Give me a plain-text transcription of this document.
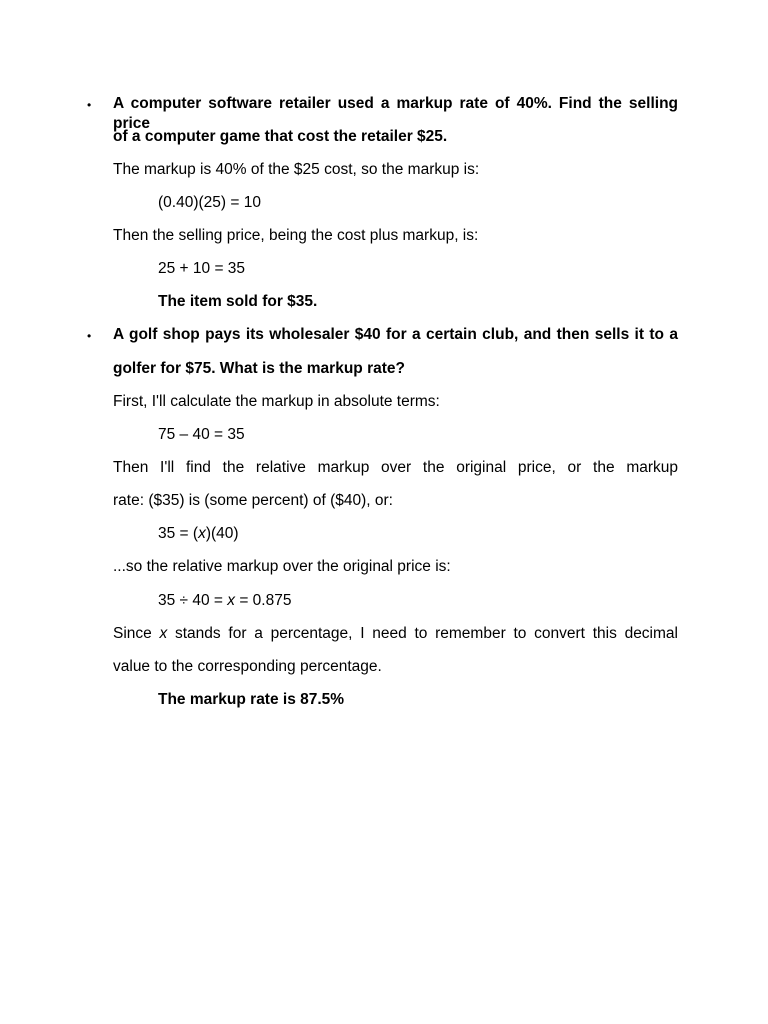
• A computer software retailer used a markup rate of 40%. Find the selling price
of a computer game that cost the retailer $25.
The markup is 40% of the $25 cost, so the markup is:
(0.40)(25) = 10
Then the selling price, being the cost plus markup, is:
25 + 10 = 35
The item sold for $35.
• A golf shop pays its wholesaler $40 for a certain club, and then sells it to a
golfer for $75. What is the markup rate?
First, I'll calculate the markup in absolute terms:
75 – 40 = 35
Then I'll find the relative markup over the original price, or the markup
rate: ($35) is (some percent) of ($40), or:
35 = (x)(40)
...so the relative markup over the original price is:
35 ÷ 40 = x = 0.875
Since x stands for a percentage, I need to remember to convert this decimal
value to the corresponding percentage.
The markup rate is 87.5%
